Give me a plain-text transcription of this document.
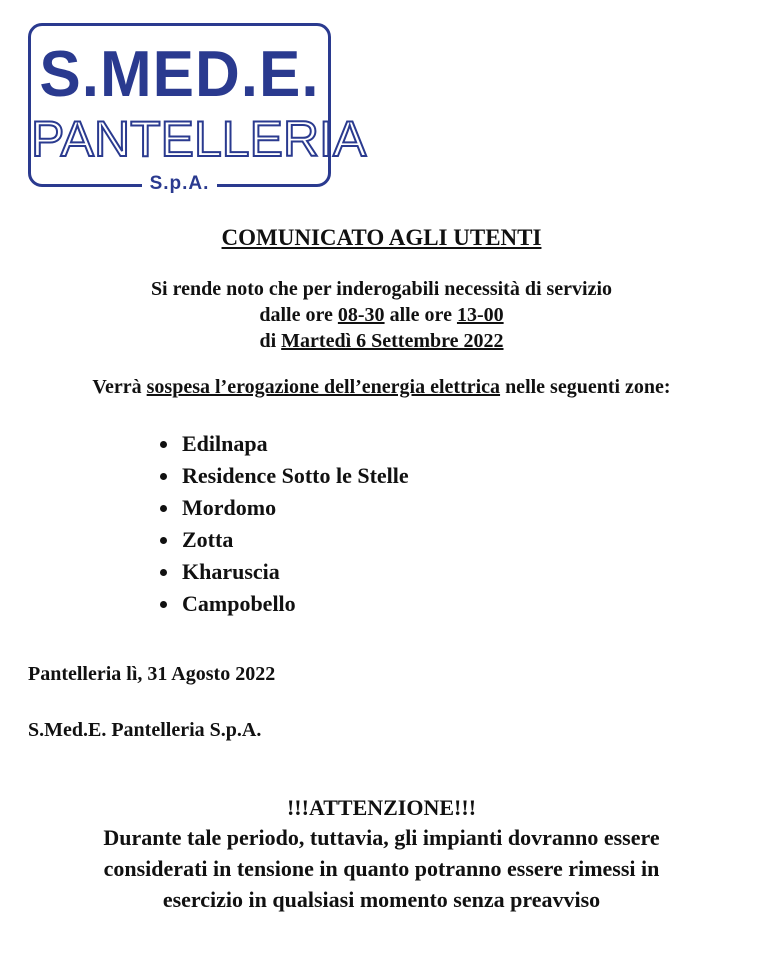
S.MED.E.
PANTELLERIA
S.p.A.
COMUNICATO AGLI UTENTI
Si rende noto che per inderogabili necessità di servizio
dalle ore 08-30 alle ore 13-00
di Martedì 6 Settembre 2022
Verrà sospesa l’erogazione dell’energia elettrica nelle seguenti zone:
Edilnapa
Residence Sotto le Stelle
Mordomo
Zotta
Kharuscia
Campobello
Pantelleria lì, 31 Agosto 2022
S.Med.E. Pantelleria S.p.A.
!!!ATTENZIONE!!!
Durante tale periodo, tuttavia, gli impianti dovranno essere
considerati in tensione in quanto potranno essere rimessi in
esercizio in qualsiasi momento senza preavviso
